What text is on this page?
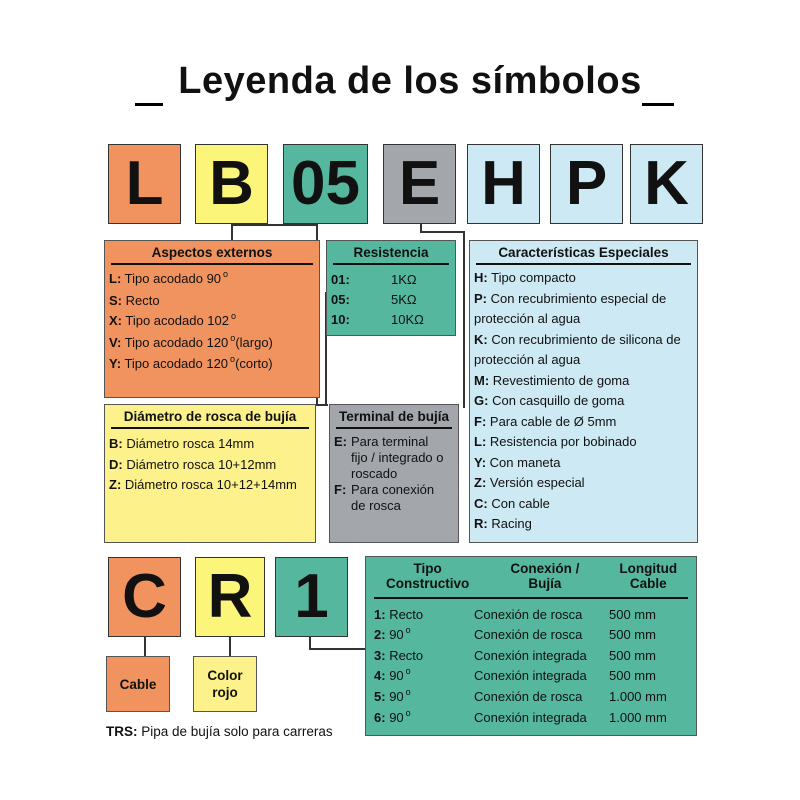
Leyenda de los símbolos
L B 05 E H P K
Aspectos externos
L: Tipo acodado 90 $^o$
S: Recto
X: Tipo acodado 102 $^o$
V: Tipo acodado 120 $^o$(largo)
Y: Tipo acodado 120 $^o$(corto)
Resistencia
01:	1KΩ
05:	5KΩ
10:	10KΩ
Características Especiales
H: Tipo compacto
P: Con recubrimiento especial de
protección al agua
K: Con recubrimiento de silicona de
protección al agua
M: Revestimiento de goma
G: Con casquillo de goma
F: Para cable de Ø 5mm
L: Resistencia por bobinado
Y: Con maneta
Z: Versión especial
C: Con cable
R: Racing
Diámetro de rosca de bujía
B: Diámetro rosca 14mm
D: Diámetro rosca 10+12mm
Z: Diámetro rosca 10+12+14mm
Terminal de bujía
E: Para terminal
fijo / integrado o
roscado
F: Para conexión
de rosca
C R 1
Cable
Color
rojo
Tipo
Constructivo
Conexión /
Bujía
Longitud
Cable
1: Recto	Conexión de rosca	500 mm
2: 90 $^o$	Conexión de rosca	500 mm
3: Recto	Conexión integrada	500 mm
4: 90 $^o$	Conexión integrada	500 mm
5: 90 $^o$	Conexión de rosca	1.000 mm
6: 90 $^o$	Conexión integrada	1.000 mm
TRS: Pipa de bujía solo para carreras
